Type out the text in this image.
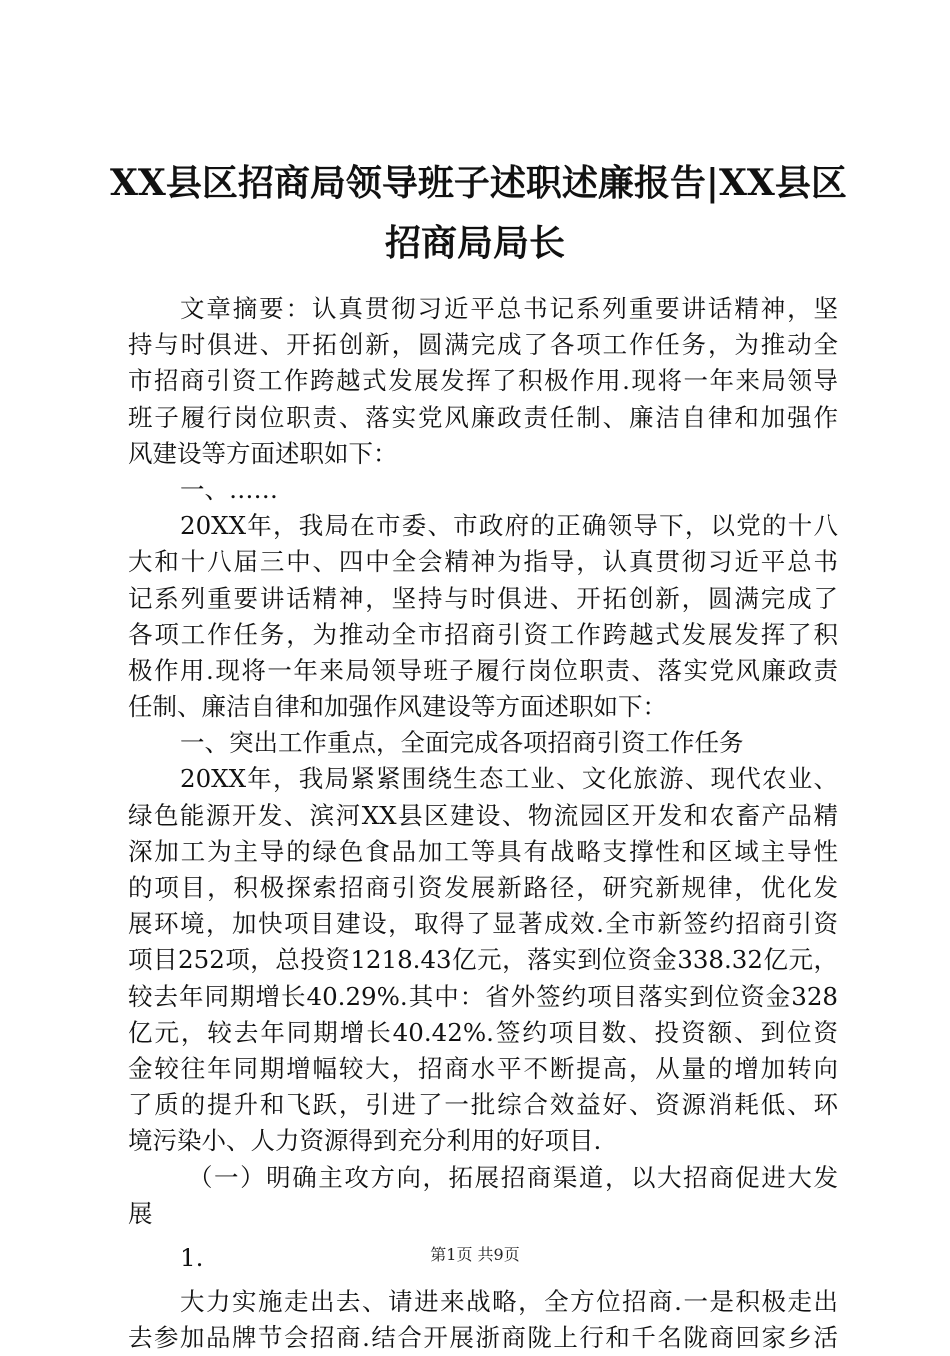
XX县区招商局领导班子述职述廉报告|XX县区
招商局局长
文章摘要：认真贯彻习近平总书记系列重要讲话精神，坚
持与时俱进、开拓创新，圆满完成了各项工作任务，为推动全
市招商引资工作跨越式发展发挥了积极作用.现将一年来局领导
班子履行岗位职责、落实党风廉政责任制、廉洁自律和加强作
风建设等方面述职如下：
一、……
20XX年，我局在市委、市政府的正确领导下，以党的十八
大和十八届三中、四中全会精神为指导，认真贯彻习近平总书
记系列重要讲话精神，坚持与时俱进、开拓创新，圆满完成了
各项工作任务，为推动全市招商引资工作跨越式发展发挥了积
极作用.现将一年来局领导班子履行岗位职责、落实党风廉政责
任制、廉洁自律和加强作风建设等方面述职如下：
一、突出工作重点，全面完成各项招商引资工作任务
20XX年，我局紧紧围绕生态工业、文化旅游、现代农业、
绿色能源开发、滨河XX县区建设、物流园区开发和农畜产品精
深加工为主导的绿色食品加工等具有战略支撑性和区域主导性
的项目，积极探索招商引资发展新路径，研究新规律，优化发
展环境，加快项目建设，取得了显著成效.全市新签约招商引资
项目252项，总投资1218.43亿元，落实到位资金338.32亿元，
较去年同期增长40.29%.其中：省外签约项目落实到位资金328
亿元，较去年同期增长40.42%.签约项目数、投资额、到位资
金较往年同期增幅较大，招商水平不断提高，从量的增加转向
了质的提升和飞跃，引进了一批综合效益好、资源消耗低、环
境污染小、人力资源得到充分利用的好项目.
（一）明确主攻方向，拓展招商渠道，以大招商促进大发
展
1.
大力实施走出去、请进来战略，全方位招商.一是积极走出
去参加品牌节会招商.结合开展浙商陇上行和千名陇商回家乡活
第1页 共9页
